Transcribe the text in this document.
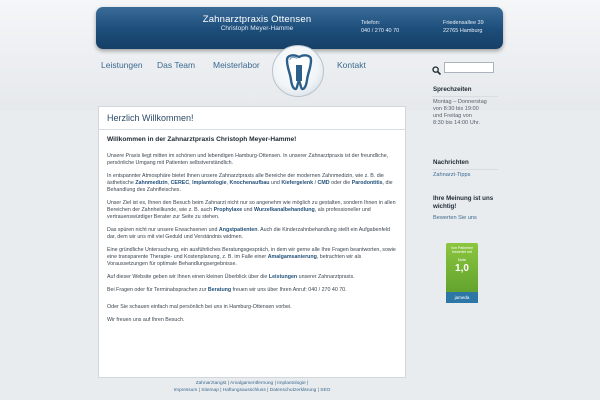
Zahnarztpraxis Ottensen
Christoph Meyer-Hamme
Telefon:
040 / 270 40 70
Friedensallee 39
22765 Hamburg
Leistungen Das Team Meisterlabor	Kontakt
Herzlich Willkommen!
Willkommen in der Zahnarztpraxis Christoph Meyer-Hamme!

Unsere Praxis liegt mitten im schönen und lebendigen Hamburg-Ottensen. In unserer Zahnarztpraxis ist der freundliche, persönliche Umgang mit Patienten selbstverständlich.

In entspannter Atmosphäre bietet Ihnen unsere Zahnarztpraxis alle Bereiche der modernen Zahnmedizin, wie z. B. die ästhetische Zahnmedizin, CEREC, Implantologie, Knochenaufbau und Kiefergelenk / CMD oder die Parodontitis, die Behandlung des Zahnfleisches.

Unser Ziel ist es, Ihnen den Besuch beim Zahnarzt nicht nur so angenehm wie möglich zu gestalten, sondern Ihnen in allen Bereichen der Zahnheilkunde, wie z. B. auch Prophylaxe und Wurzelkanalbehandlung, als professioneller und vertrauenswürdiger Berater zur Seite zu stehen.

Das spüren nicht nur unsere Erwachsenen und Angstpatienten. Auch die Kinderzahnbehandlung stellt ein Aufgabenfeld dar, dem wir uns mit viel Geduld und Verständnis widmen.

Eine gründliche Untersuchung, ein ausführliches Beratungsgespräch, in dem wir gerne alle Ihre Fragen beantworten, sowie eine transparente Therapie- und Kostenplanung, z. B. im Falle einer Amalgamsanierung, betrachten wir als Voraussetzungen für optimale Behandlungsergebnisse.

Auf dieser Website geben wir Ihnen einen kleinen Überblick über die Leistungen unserer Zahnarztpraxis.

Bei Fragen oder für Terminabsprachen zur Beratung freuen wir uns über Ihren Anruf: 040 / 270 40 70.

Oder Sie schauen einfach mal persönlich bei uns in Hamburg-Ottensen vorbei.

Wir freuen uns auf Ihren Besuch.

Sprechzeiten
Montag – Donnerstag
von 8:30 bis 19:00
und Freitag von
8:30 bis 14:00 Uhr.
Nachrichten
Zahnarzt-Tipps
Ihre Meinung ist uns wichtig!
Bewerten Sie uns
Von Patienten
bewertet mit
Note
1,0
jameda
Zahnarztangst | Amalgamentfernung | Implantologie |
Impressum | Sitemap | Haftungsausschluss | Datenschutzerklärung | SEO
